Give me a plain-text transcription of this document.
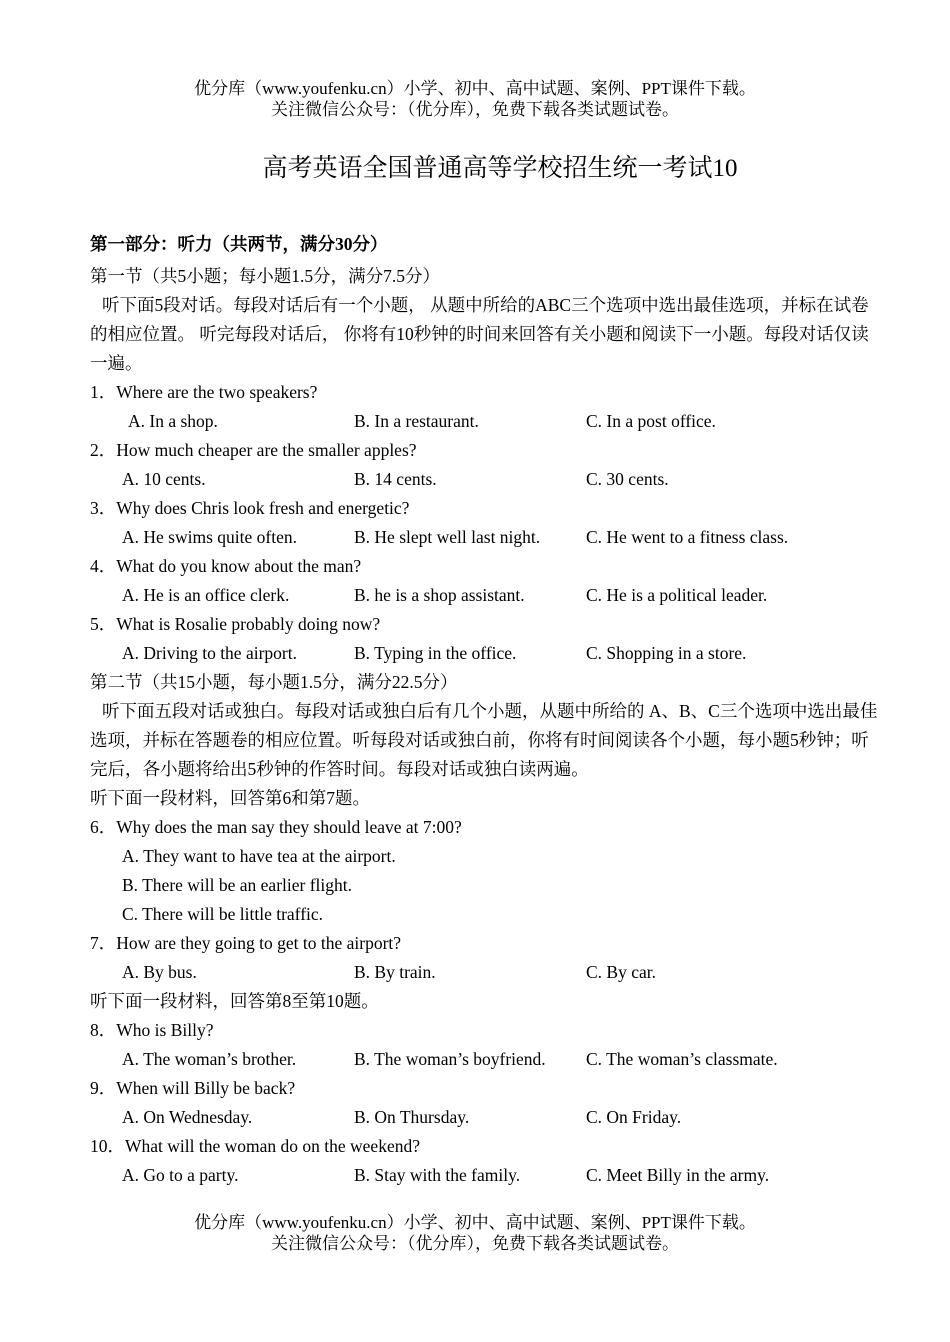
优分库（www.youfenku.cn）小学、初中、高中试题、案例、PPT课件下载。
关注微信公众号：（优分库），免费下载各类试题试卷。
高考英语全国普通高等学校招生统一考试10
第一部分：听力（共两节，满分30分）
第一节（共5小题；每小题1.5分，满分7.5分）
听下面5段对话。每段对话后有一个小题， 从题中所给的ABC三个选项中选出最佳选项，并标在试卷的相应位置。 听完每段对话后， 你将有10秒钟的时间来回答有关小题和阅读下一小题。每段对话仅读一遍。
1．Where are the two speakers?
A. In a shop.	B. In a restaurant.	C. In a post office.
2．How much cheaper are the smaller apples?
A. 10 cents.	B. 14 cents.	C. 30 cents.
3．Why does Chris look fresh and energetic?
A. He swims quite often.	B. He slept well last night.	C. He went to a fitness class.
4．What do you know about the man?
A. He is an office clerk.	B. he is a shop assistant.	C. He is a political leader.
5．What is Rosalie probably doing now?
A. Driving to the airport.	B. Typing in the office.	C. Shopping in a store.
第二节（共15小题，每小题1.5分，满分22.5分）
听下面五段对话或独白。每段对话或独白后有几个小题，从题中所给的 A、B、C三个选项中选出最佳选项，并标在答题卷的相应位置。听每段对话或独白前，你将有时间阅读各个小题，每小题5秒钟；听完后，各小题将给出5秒钟的作答时间。每段对话或独白读两遍。
听下面一段材料，回答第6和第7题。
6．Why does the man say they should leave at 7:00?
A. They want to have tea at the airport.
B. There will be an earlier flight.
C. There will be little traffic.
7．How are they going to get to the airport?
A. By bus.	B. By train.	C. By car.
听下面一段材料，回答第8至第10题。
8．Who is Billy?
A. The woman’s brother.	B. The woman’s boyfriend. C. The woman’s classmate.
9．When will Billy be back?
A. On Wednesday.	B. On Thursday.	C. On Friday.
10．What will the woman do on the weekend?
A. Go to a party.	B. Stay with the family.	C. Meet Billy in the army.
优分库（www.youfenku.cn）小学、初中、高中试题、案例、PPT课件下载。
关注微信公众号：（优分库），免费下载各类试题试卷。
